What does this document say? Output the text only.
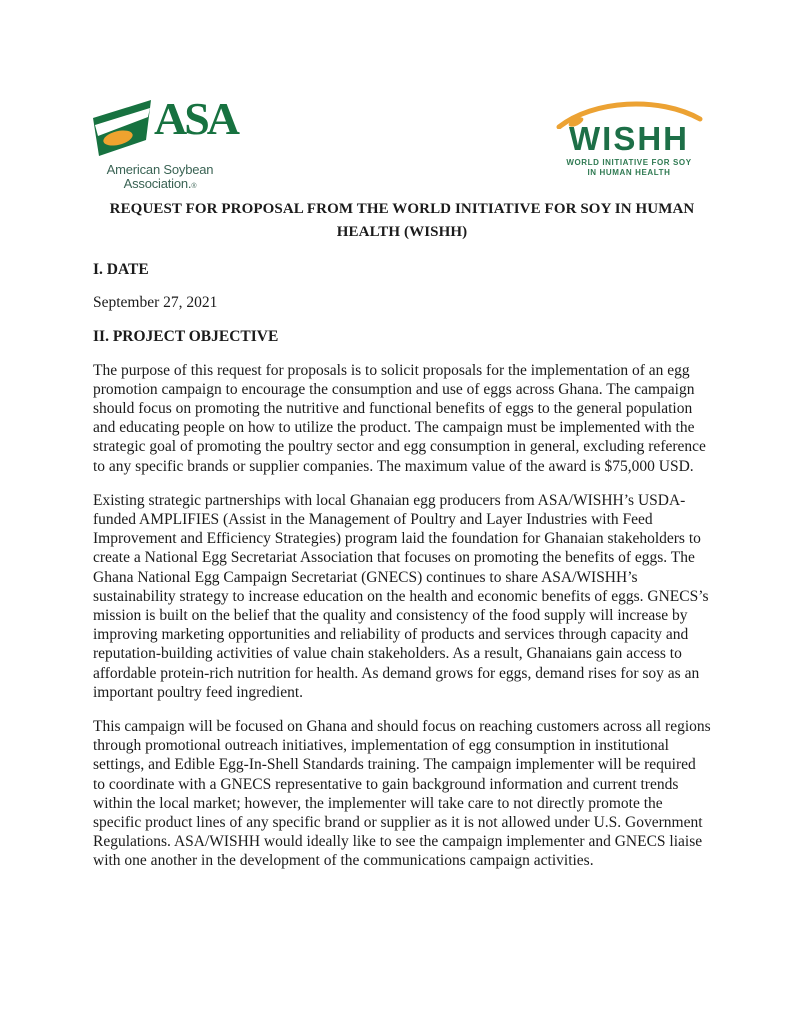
ASA
American Soybean
Association.®
WISHH
WORLD INITIATIVE FOR SOY
IN HUMAN HEALTH
REQUEST FOR PROPOSAL FROM THE WORLD INITIATIVE FOR SOY IN HUMAN
HEALTH (WISHH)
I. DATE

September 27, 2021

II. PROJECT OBJECTIVE

The purpose of this request for proposals is to solicit proposals for the implementation of an egg promotion campaign to encourage the consumption and use of eggs across Ghana. The campaign should focus on promoting the nutritive and functional benefits of eggs to the general population and educating people on how to utilize the product. The campaign must be implemented with the strategic goal of promoting the poultry sector and egg consumption in general, excluding reference to any specific brands or supplier companies. The maximum value of the award is $75,000 USD.

Existing strategic partnerships with local Ghanaian egg producers from ASA/WISHH’s USDA-funded AMPLIFIES (Assist in the Management of Poultry and Layer Industries with Feed Improvement and Efficiency Strategies) program laid the foundation for Ghanaian stakeholders to create a National Egg Secretariat Association that focuses on promoting the benefits of eggs. The Ghana National Egg Campaign Secretariat (GNECS) continues to share ASA/WISHH’s sustainability strategy to increase education on the health and economic benefits of eggs. GNECS’s mission is built on the belief that the quality and consistency of the food supply will increase by improving marketing opportunities and reliability of products and services through capacity and reputation-building activities of value chain stakeholders. As a result, Ghanaians gain access to affordable protein-rich nutrition for health. As demand grows for eggs, demand rises for soy as an important poultry feed ingredient.

This campaign will be focused on Ghana and should focus on reaching customers across all regions through promotional outreach initiatives, implementation of egg consumption in institutional settings, and Edible Egg-In-Shell Standards training. The campaign implementer will be required to coordinate with a GNECS representative to gain background information and current trends within the local market; however, the implementer will take care to not directly promote the specific product lines of any specific brand or supplier as it is not allowed under U.S. Government Regulations. ASA/WISHH would ideally like to see the campaign implementer and GNECS liaise with one another in the development of the communications campaign activities.
